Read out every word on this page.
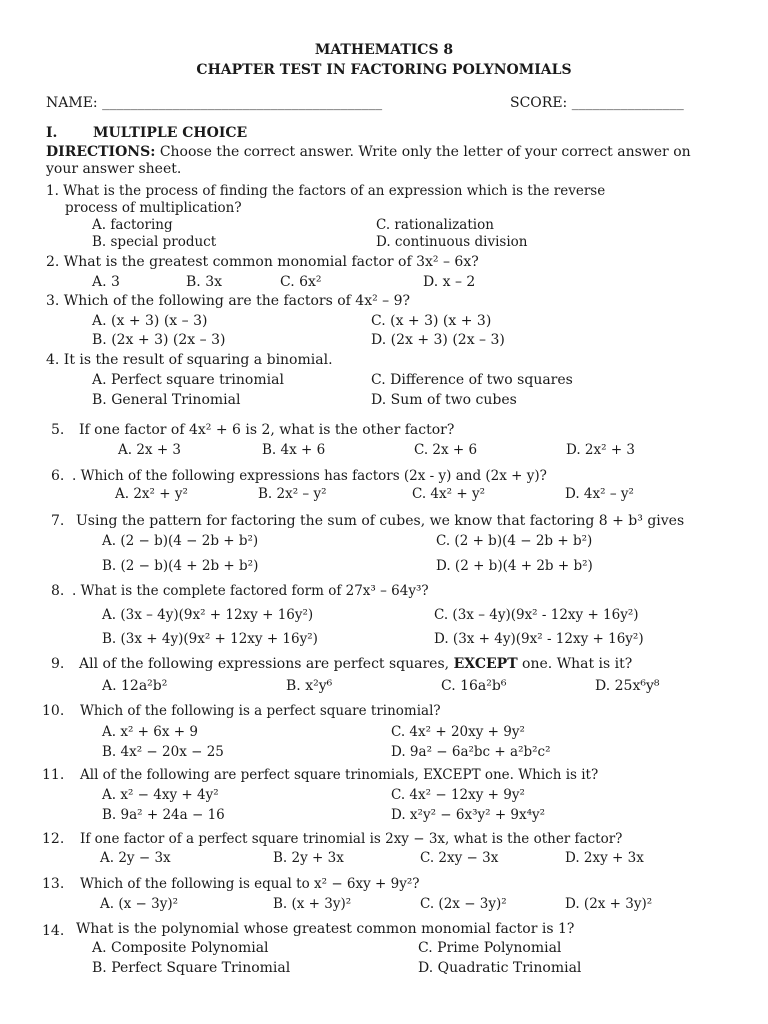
MATHEMATICS 8
CHAPTER TEST IN FACTORING POLYNOMIALS
NAME: ________________________________________	SCORE: ________________
I.	MULTIPLE CHOICE
DIRECTIONS: Choose the correct answer. Write only the letter of your correct answer on
your answer sheet.
1. What is the process of finding the factors of an expression which is the reverse
process of multiplication?
A. factoring	C. rationalization
B. special product	D. continuous division
2. What is the greatest common monomial factor of 3x² – 6x?
A. 3	B. 3x	C. 6x²	D. x – 2
3. Which of the following are the factors of 4x² – 9?
A. (x + 3) (x – 3)	C. (x + 3) (x + 3)
B. (2x + 3) (2x – 3)	D. (2x + 3) (2x – 3)
4. It is the result of squaring a binomial.
A. Perfect square trinomial	C. Difference of two squares
B. General Trinomial	D. Sum of two cubes
5. If one factor of 4x² + 6 is 2, what is the other factor?
A. 2x + 3	B. 4x + 6	C. 2x + 6	D. 2x² + 3
6. . Which of the following expressions has factors (2x - y) and (2x + y)?
A. 2x² + y²	B. 2x² – y²	C. 4x² + y²	D. 4x² – y²
7. Using the pattern for factoring the sum of cubes, we know that factoring 8 + b³ gives
A. (2 − b)(4 − 2b + b²)	C. (2 + b)(4 − 2b + b²)
B. (2 − b)(4 + 2b + b²)	D. (2 + b)(4 + 2b + b²)
8. . What is the complete factored form of 27x³ – 64y³?
A. (3x – 4y)(9x² + 12xy + 16y²)	C. (3x – 4y)(9x² - 12xy + 16y²)
B. (3x + 4y)(9x² + 12xy + 16y²)	D. (3x + 4y)(9x² - 12xy + 16y²)
9. All of the following expressions are perfect squares, EXCEPT one. What is it?
A. 12a²b²	B. x²y⁶	C. 16a²b⁶	D. 25x⁶y⁸
10. Which of the following is a perfect square trinomial?
A. x² + 6x + 9	C. 4x² + 20xy + 9y²
B. 4x² − 20x − 25	D. 9a² − 6a²bc + a²b²c²
11. All of the following are perfect square trinomials, EXCEPT one. Which is it?
A. x² − 4xy + 4y²	C. 4x² − 12xy + 9y²
B. 9a² + 24a − 16	D. x²y² − 6x³y² + 9x⁴y²
12. If one factor of a perfect square trinomial is 2xy − 3x, what is the other factor?
A. 2y − 3x	B. 2y + 3x	C. 2xy − 3x	D. 2xy + 3x
13. Which of the following is equal to x² − 6xy + 9y²?
A. (x − 3y)²	B. (x + 3y)²	C. (2x − 3y)²	D. (2x + 3y)²
14. What is the polynomial whose greatest common monomial factor is 1?
A. Composite Polynomial	C. Prime Polynomial
B. Perfect Square Trinomial	D. Quadratic Trinomial
